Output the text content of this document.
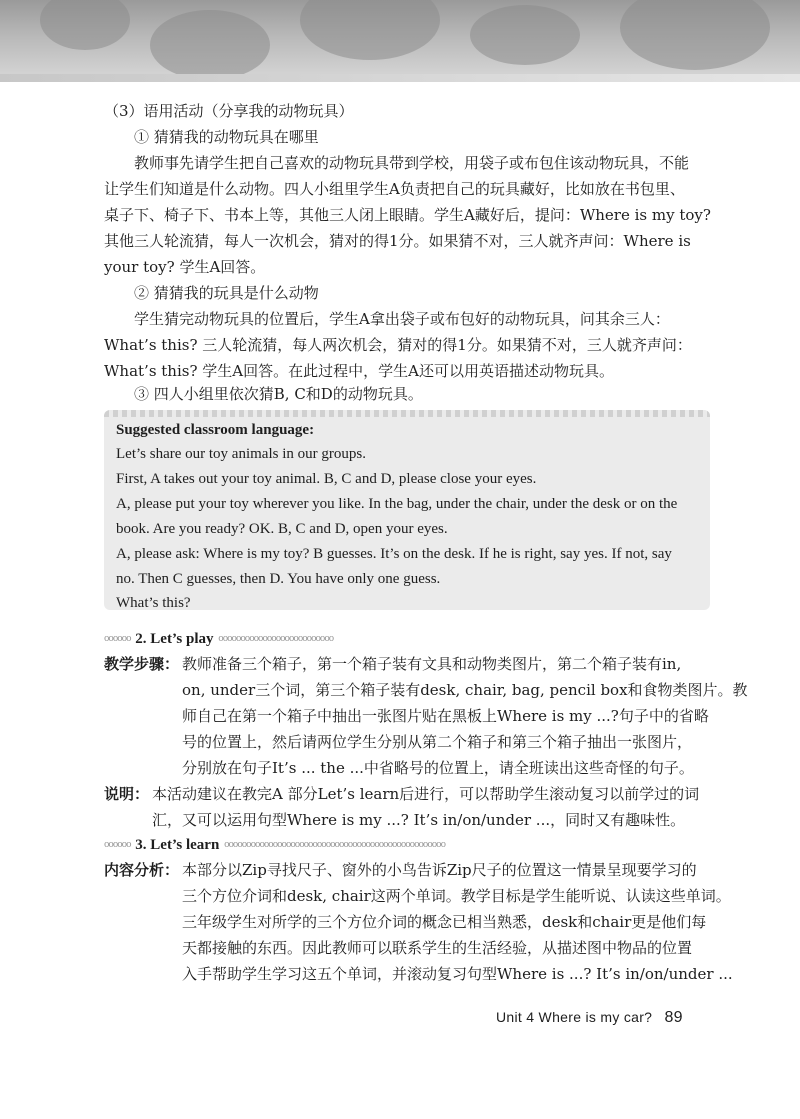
（3）语用活动（分享我的动物玩具）
① 猜猜我的动物玩具在哪里
教师事先请学生把自己喜欢的动物玩具带到学校，用袋子或布包住该动物玩具，不能
让学生们知道是什么动物。四人小组里学生A负责把自己的玩具藏好，比如放在书包里、
桌子下、椅子下、书本上等，其他三人闭上眼睛。学生A藏好后，提问：Where is my toy?
其他三人轮流猜，每人一次机会，猜对的得1分。如果猜不对，三人就齐声问：Where is
your toy? 学生A回答。
② 猜猜我的玩具是什么动物
学生猜完动物玩具的位置后，学生A拿出袋子或布包好的动物玩具，问其余三人：
What’s this? 三人轮流猜，每人两次机会，猜对的得1分。如果猜不对，三人就齐声问：
What’s this? 学生A回答。在此过程中，学生A还可以用英语描述动物玩具。
③ 四人小组里依次猜B, C和D的动物玩具。
Suggested classroom language:
Let’s share our toy animals in our groups.
First, A takes out your toy animal. B, C and D, please close your eyes.
A, please put your toy wherever you like. In the bag, under the chair, under the desk or on the
book. Are you ready? OK. B, C and D, open your eyes.
A, please ask: Where is my toy? B guesses. It’s on the desk. If he is right, say yes. If not, say
no. Then C guesses, then D. You have only one guess.
What’s this?
oooooo 2. Let’s play oooooooooooooooooooooooooo
教学步骤： 教师准备三个箱子，第一个箱子装有文具和动物类图片，第二个箱子装有in,
on, under三个词，第三个箱子装有desk, chair, bag, pencil box和食物类图片。教
师自己在第一个箱子中抽出一张图片贴在黑板上Where is my ...?句子中的省略
号的位置上，然后请两位学生分别从第二个箱子和第三个箱子抽出一张图片，
分别放在句子It’s ... the ...中省略号的位置上，请全班读出这些奇怪的句子。
说明： 本活动建议在教完A 部分Let’s learn后进行，可以帮助学生滚动复习以前学过的词
汇，又可以运用句型Where is my ...? It’s in/on/under ...，同时又有趣味性。
oooooo 3. Let’s learn oooooooooooooooooooooooooooooooooooooooooooooooooo
内容分析： 本部分以Zip寻找尺子、窗外的小鸟告诉Zip尺子的位置这一情景呈现要学习的
三个方位介词和desk, chair这两个单词。教学目标是学生能听说、认读这些单词。
三年级学生对所学的三个方位介词的概念已相当熟悉，desk和chair更是他们每
天都接触的东西。因此教师可以联系学生的生活经验，从描述图中物品的位置
入手帮助学生学习这五个单词，并滚动复习句型Where is ...? It’s in/on/under ...
Unit 4 Where is my car? 89
